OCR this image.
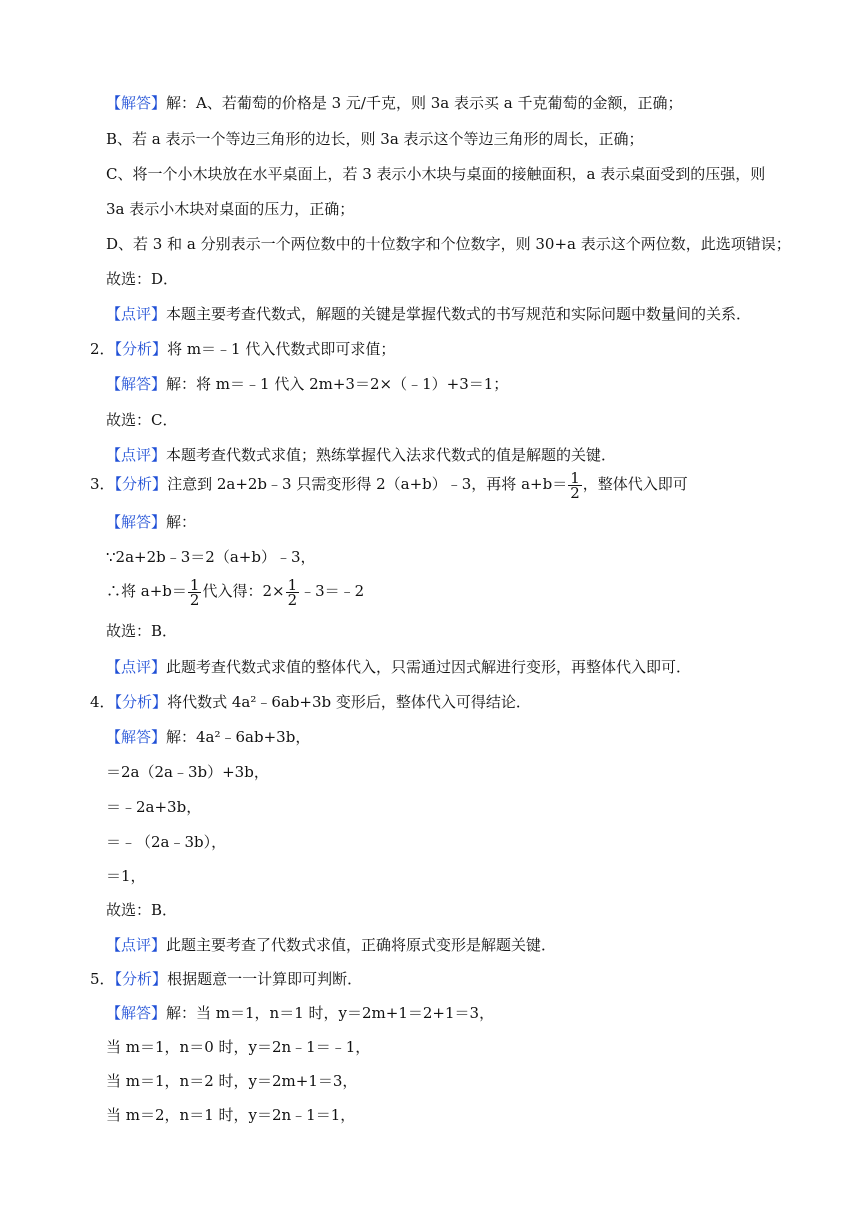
【解答】解：A、若葡萄的价格是 3 元/千克，则 3a 表示买 a 千克葡萄的金额，正确；
B、若 a 表示一个等边三角形的边长，则 3a 表示这个等边三角形的周长，正确；
C、将一个小木块放在水平桌面上，若 3 表示小木块与桌面的接触面积，a 表示桌面受到的压强，则
3a 表示小木块对桌面的压力，正确；
D、若 3 和 a 分别表示一个两位数中的十位数字和个位数字，则 30+a 表示这个两位数，此选项错误；
故选：D．
【点评】本题主要考查代数式，解题的关键是掌握代数式的书写规范和实际问题中数量间的关系．
2．【分析】将 m＝﹣1 代入代数式即可求值；
【解答】解：将 m＝﹣1 代入 2m+3＝2×（﹣1）+3＝1；
故选：C．
【点评】本题考查代数式求值；熟练掌握代入法求代数式的值是解题的关键．
3．【分析】注意到 2a+2b﹣3 只需变形得 2（a+b）﹣3，再将 $a+b= \frac{1}{2}$ ，整体代入即可
【解答】解：
∵2a+2b﹣3＝2（a+b）﹣3，
∴将 $a+b= \frac{1}{2}$ 代入得：$2\times \frac{1}{2}$ ﹣3＝﹣2
故选：B．
【点评】此题考查代数式求值的整体代入，只需通过因式解进行变形，再整体代入即可．
4．【分析】将代数式 4a²﹣6ab+3b 变形后，整体代入可得结论．
【解答】解：4a²﹣6ab+3b，
＝2a（2a﹣3b）+3b，
＝﹣2a+3b，
＝﹣（2a﹣3b），
＝1，
故选：B．
【点评】此题主要考查了代数式求值，正确将原式变形是解题关键．
5．【分析】根据题意一一计算即可判断．
【解答】解：当 m＝1，n＝1 时，y＝2m+1＝2+1＝3，
当 m＝1，n＝0 时，y＝2n﹣1＝﹣1，
当 m＝1，n＝2 时，y＝2m+1＝3，
当 m＝2，n＝1 时，y＝2n﹣1＝1，
